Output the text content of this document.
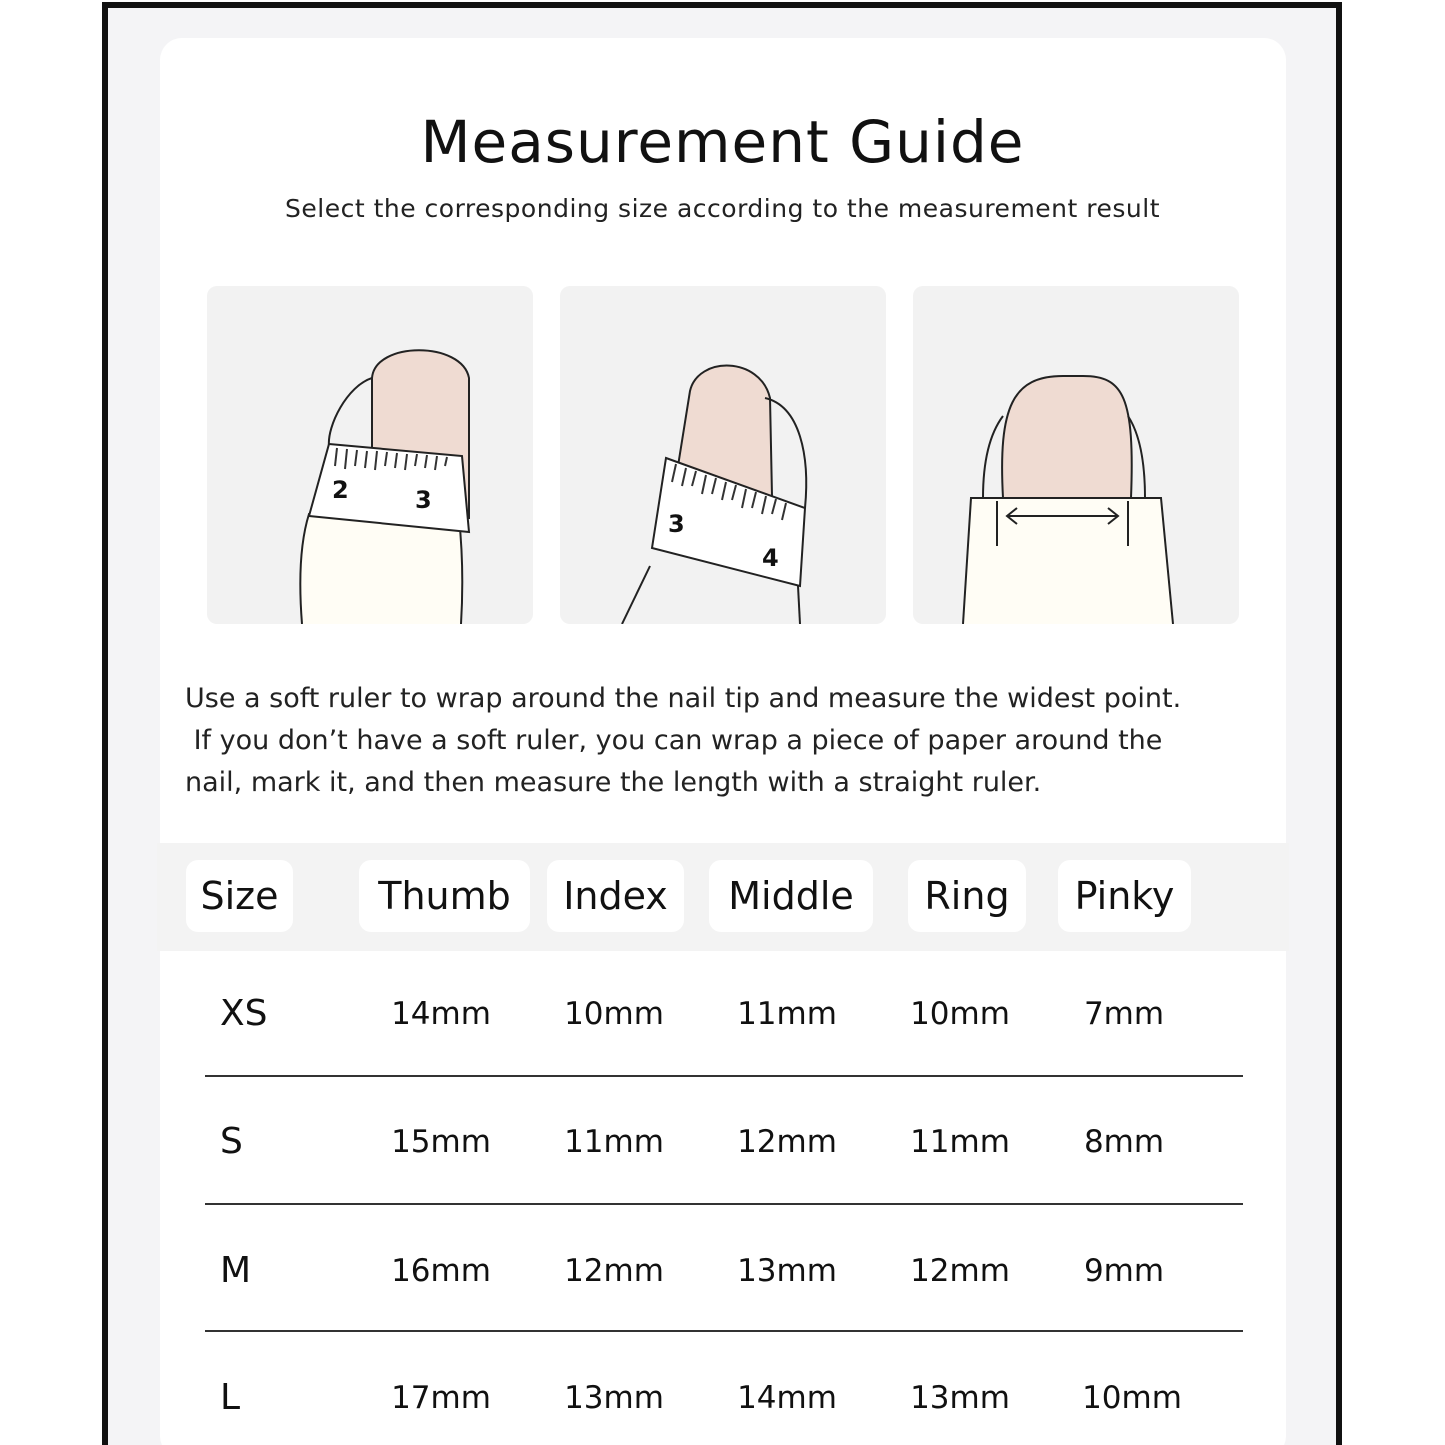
Measurement Guide
Select the corresponding size according to the measurement result
2	3
3
4
Use a soft ruler to wrap around the nail tip and measure the widest point.
If you don’t have a soft ruler, you can wrap a piece of paper around the
nail, mark it, and then measure the length with a straight ruler.
Size	Thumb	Index	Middle	Ring	Pinky
XS	14mm	10mm	11mm	10mm	7mm
S	15mm	11mm	12mm	11mm	8mm
M	16mm	12mm	13mm	12mm	9mm
L	17mm	13mm	14mm	13mm	10mm
